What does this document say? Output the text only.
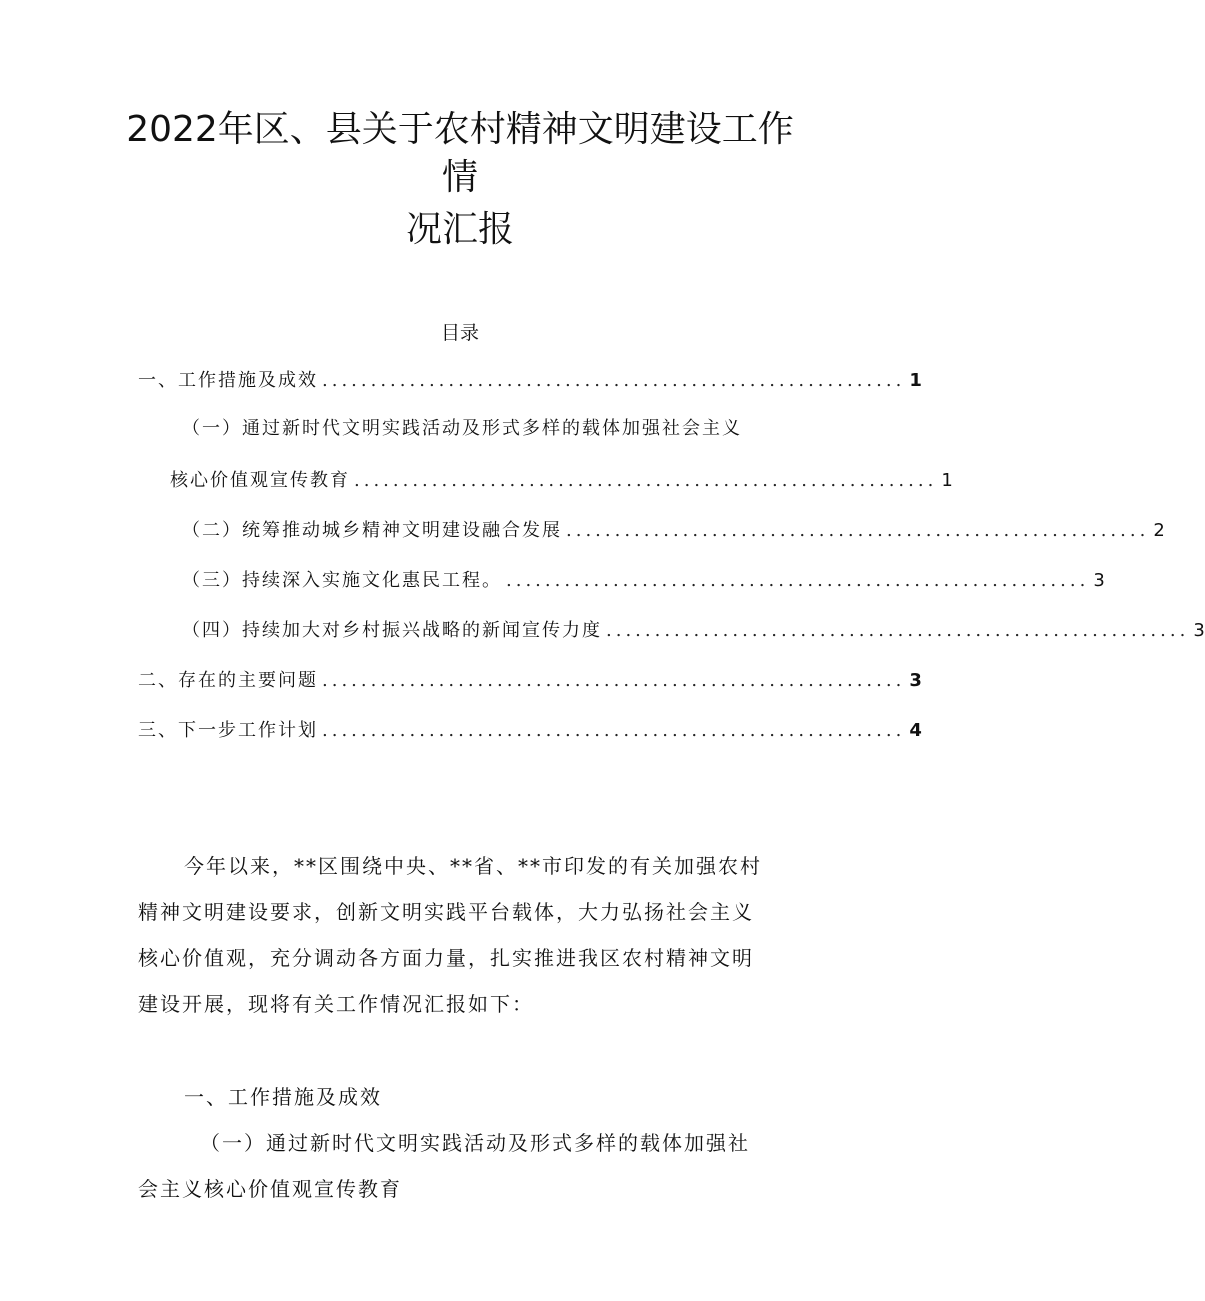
2022年区、县关于农村精神文明建设工作
情
况汇报
目录
一、工作措施及成效 ............................................................ 1
（一）通过新时代文明实践活动及形式多样的载体加强社会主义
核心价值观宣传教育 ............................................................ 1
（二）统筹推动城乡精神文明建设融合发展 ............................................................ 2
（三）持续深入实施文化惠民工程。 ............................................................ 3
（四）持续加大对乡村振兴战略的新闻宣传力度 ............................................................ 3
二、存在的主要问题 ............................................................ 3
三、下一步工作计划 ............................................................ 4
今年以来，**区围绕中央、**省、**市印发的有关加强农村
精神文明建设要求，创新文明实践平台载体，大力弘扬社会主义
核心价值观，充分调动各方面力量，扎实推进我区农村精神文明
建设开展，现将有关工作情况汇报如下：
一、工作措施及成效
（一）通过新时代文明实践活动及形式多样的载体加强社
会主义核心价值观宣传教育
